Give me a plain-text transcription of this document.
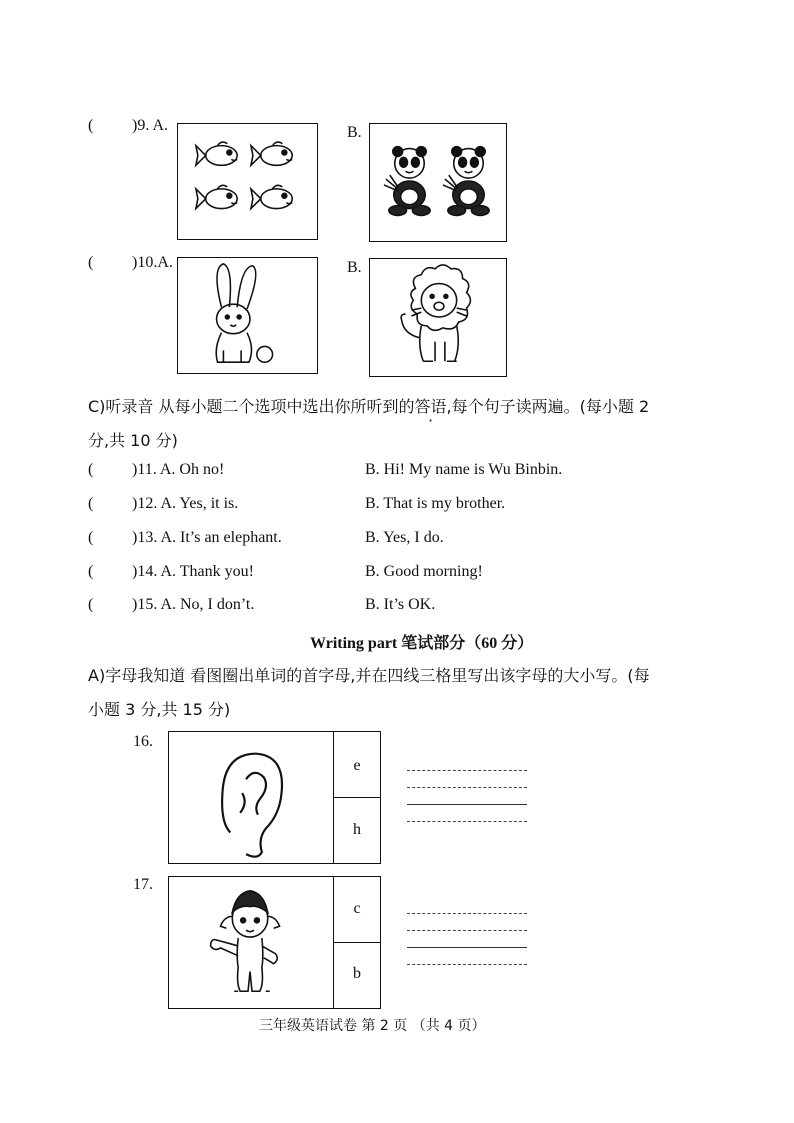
( )9. A.	B.
( )10.A.	B.
C)听录音 从每小题二个选项中选出你所听到的答语,每个句子读两遍。(每小题 2
分,共 10 分)
( )11. A. Oh no!	B. Hi! My name is Wu Binbin.
( )12. A. Yes, it is.	B. That is my brother.
( )13. A. It’s an elephant.	B. Yes, I do.
( )14. A. Thank you!	B. Good morning!
( )15. A. No, I don’t.	B. It’s OK.
Writing part 笔试部分（60 分）
A)字母我知道 看图圈出单词的首字母,并在四线三格里写出该字母的大小写。(每
小题 3 分,共 15 分)
16.
e
h
17.
c
b
三年级英语试卷 第 2 页 （共 4 页）
